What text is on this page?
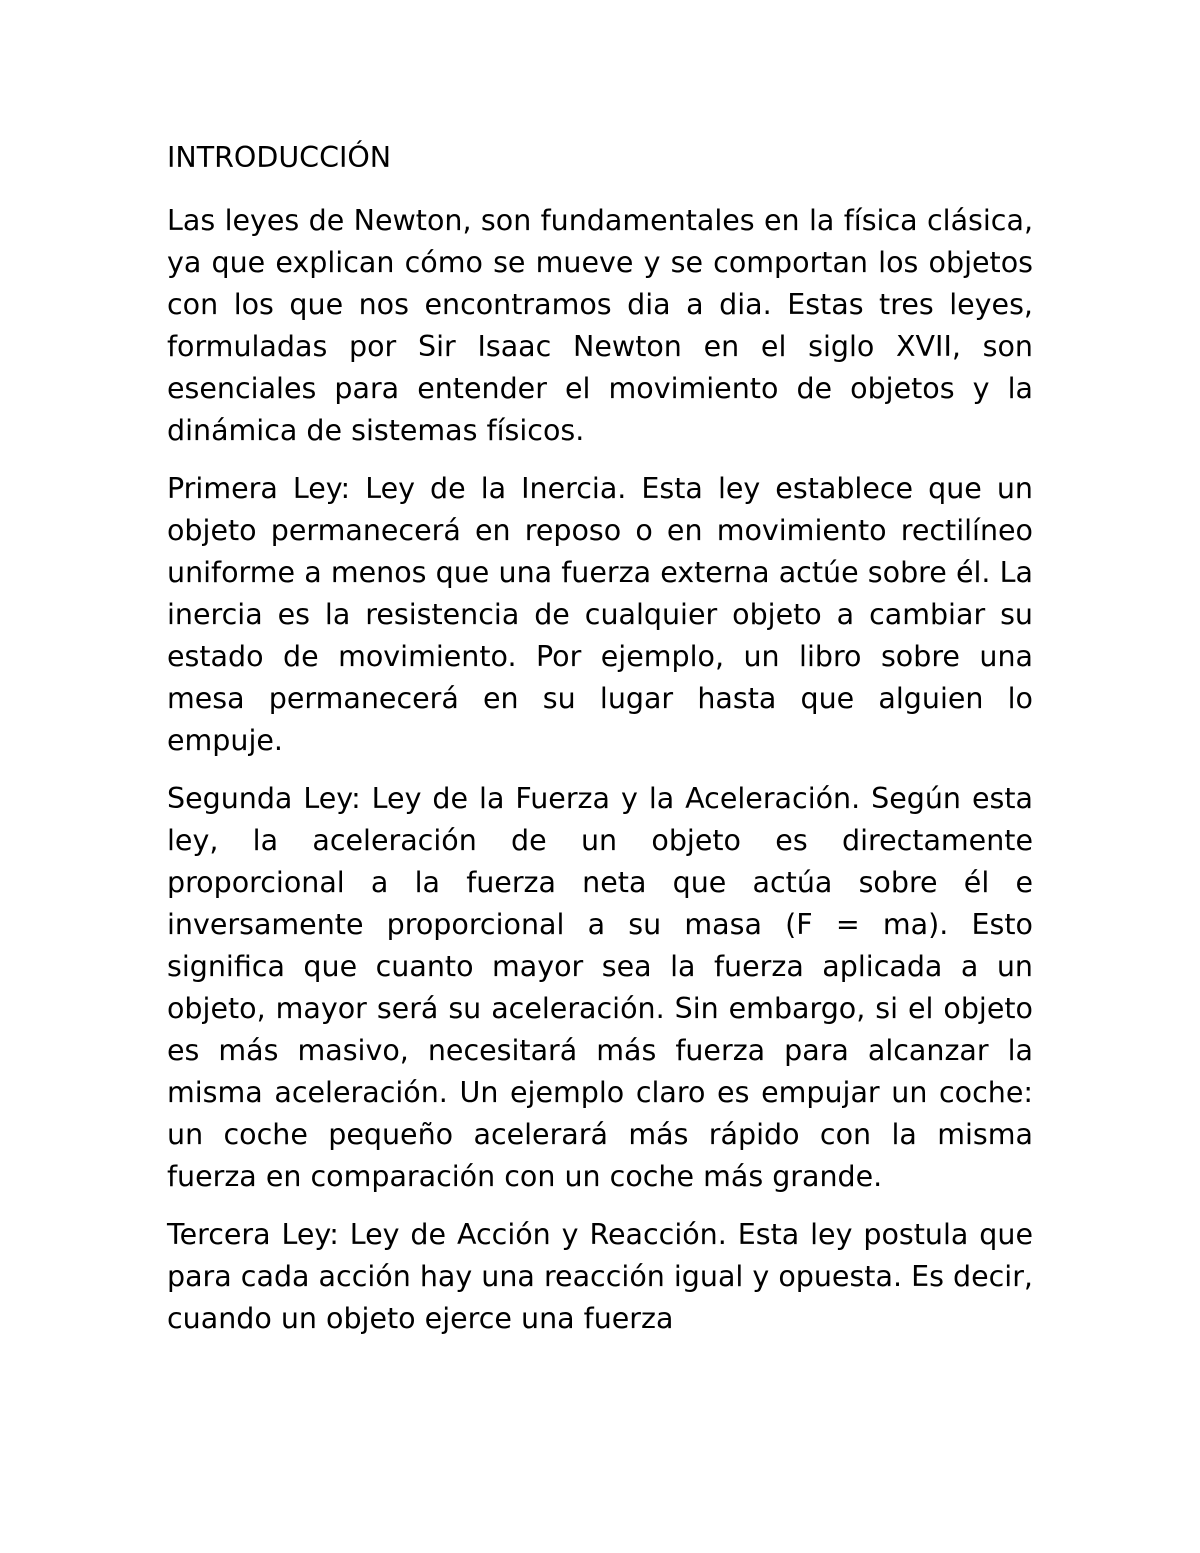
INTRODUCCIÓN

Las leyes de Newton, son fundamentales en la física clásica, ya que explican cómo se mueve y se comportan los objetos con los que nos encontramos dia a dia. Estas tres leyes, formuladas por Sir Isaac Newton en el siglo XVII, son esenciales para entender el movimiento de objetos y la dinámica de sistemas físicos.

Primera Ley: Ley de la Inercia. Esta ley establece que un objeto permanecerá en reposo o en movimiento rectilíneo uniforme a menos que una fuerza externa actúe sobre él. La inercia es la resistencia de cualquier objeto a cambiar su estado de movimiento. Por ejemplo, un libro sobre una mesa permanecerá en su lugar hasta que alguien lo empuje.

Segunda Ley: Ley de la Fuerza y la Aceleración. Según esta ley, la aceleración de un objeto es directamente proporcional a la fuerza neta que actúa sobre él e inversamente proporcional a su masa (F = ma). Esto significa que cuanto mayor sea la fuerza aplicada a un objeto, mayor será su aceleración. Sin embargo, si el objeto es más masivo, necesitará más fuerza para alcanzar la misma aceleración. Un ejemplo claro es empujar un coche: un coche pequeño acelerará más rápido con la misma fuerza en comparación con un coche más grande.

Tercera Ley: Ley de Acción y Reacción. Esta ley postula que para cada acción hay una reacción igual y opuesta. Es decir, cuando un objeto ejerce una fuerza
